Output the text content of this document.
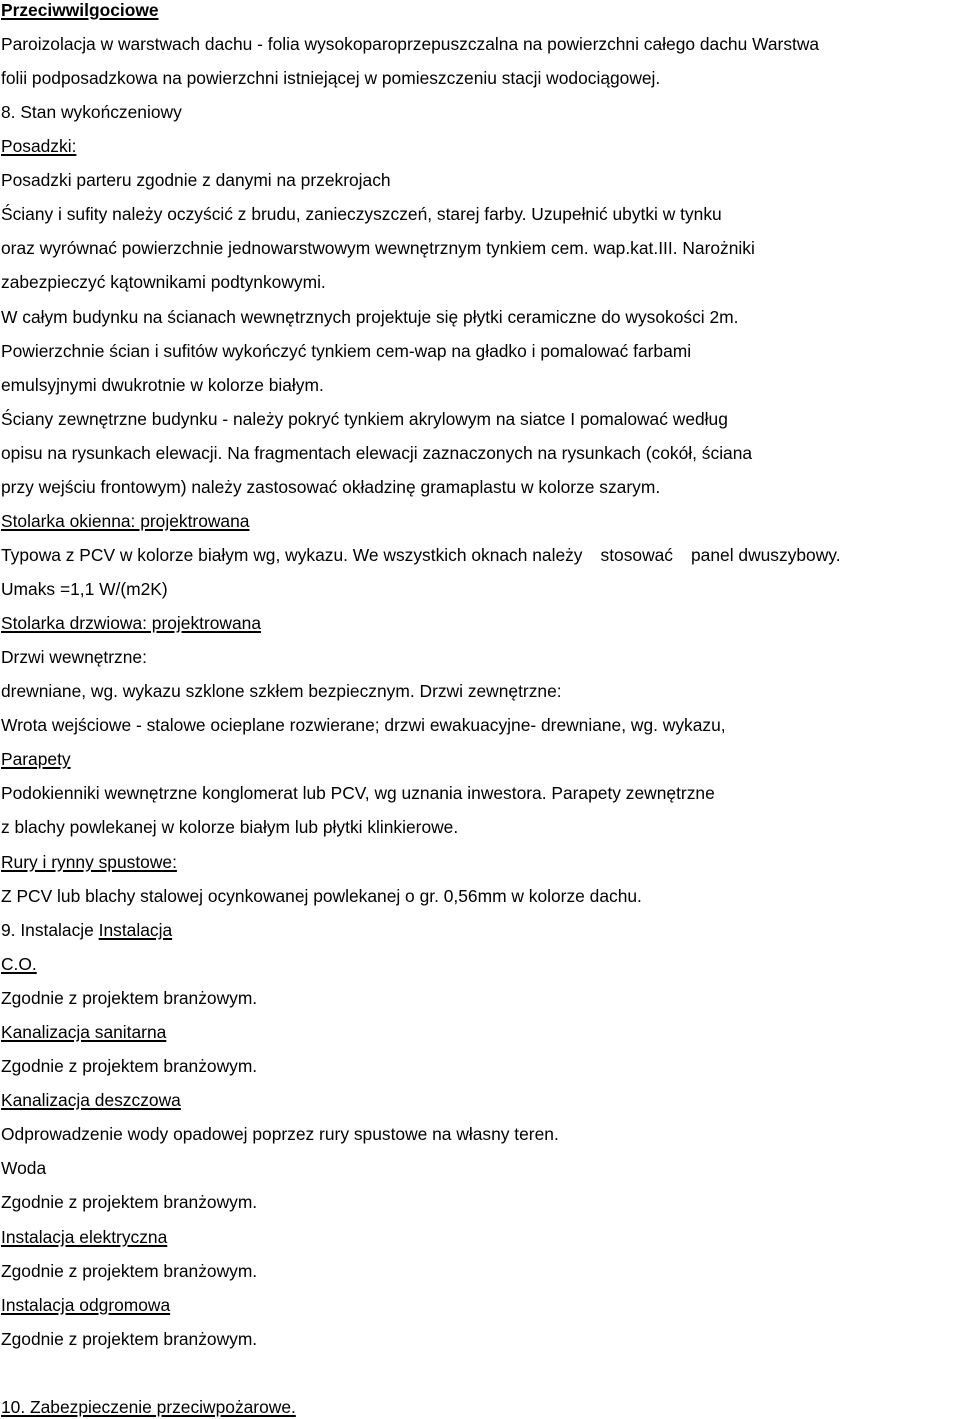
Przeciwwilgociowe
Paroizolacja w warstwach dachu - folia wysokoparoprzepuszczalna na powierzchni całego dachu Warstwa
folii podposadzkowa na powierzchni istniejącej w pomieszczeniu stacji wodociągowej.
8. Stan wykończeniowy
Posadzki:
Posadzki parteru zgodnie z danymi na przekrojach
Ściany i sufity należy oczyścić z brudu, zanieczyszczeń, starej farby. Uzupełnić ubytki w tynku
oraz wyrównać powierzchnie jednowarstwowym wewnętrznym tynkiem cem. wap.kat.III. Narożniki
zabezpieczyć kątownikami podtynkowymi.
W całym budynku na ścianach wewnętrznych projektuje się płytki ceramiczne do wysokości 2m.
Powierzchnie ścian i sufitów wykończyć tynkiem cem-wap na gładko i pomalować farbami
emulsyjnymi dwukrotnie w kolorze białym.
Ściany zewnętrzne budynku - należy pokryć tynkiem akrylowym na siatce I pomalować według
opisu na rysunkach elewacji. Na fragmentach elewacji zaznaczonych na rysunkach (cokół, ściana
przy wejściu frontowym) należy zastosować okładzinę gramaplastu w kolorze szarym.
Stolarka okienna: projektrowana
Typowa z PCV w kolorze białym wg, wykazu. We wszystkich oknach należy stosować panel dwuszybowy.
Umaks =1,1 W/(m2K)
Stolarka drzwiowa: projektrowana
Drzwi wewnętrzne:
drewniane, wg. wykazu szklone szkłem bezpiecznym. Drzwi zewnętrzne:
Wrota wejściowe - stalowe ocieplane rozwierane; drzwi ewakuacyjne- drewniane, wg. wykazu,
Parapety
Podokienniki wewnętrzne konglomerat lub PCV, wg uznania inwestora. Parapety zewnętrzne
z blachy powlekanej w kolorze białym lub płytki klinkierowe.
Rury i rynny spustowe:
Z PCV lub blachy stalowej ocynkowanej powlekanej o gr. 0,56mm w kolorze dachu.
9. Instalacje Instalacja
C.O.
Zgodnie z projektem branżowym.
Kanalizacja sanitarna
Zgodnie z projektem branżowym.
Kanalizacja deszczowa
Odprowadzenie wody opadowej poprzez rury spustowe na własny teren.
Woda
Zgodnie z projektem branżowym.
Instalacja elektryczna
Zgodnie z projektem branżowym.
Instalacja odgromowa
Zgodnie z projektem branżowym.
10. Zabezpieczenie przeciwpożarowe.
